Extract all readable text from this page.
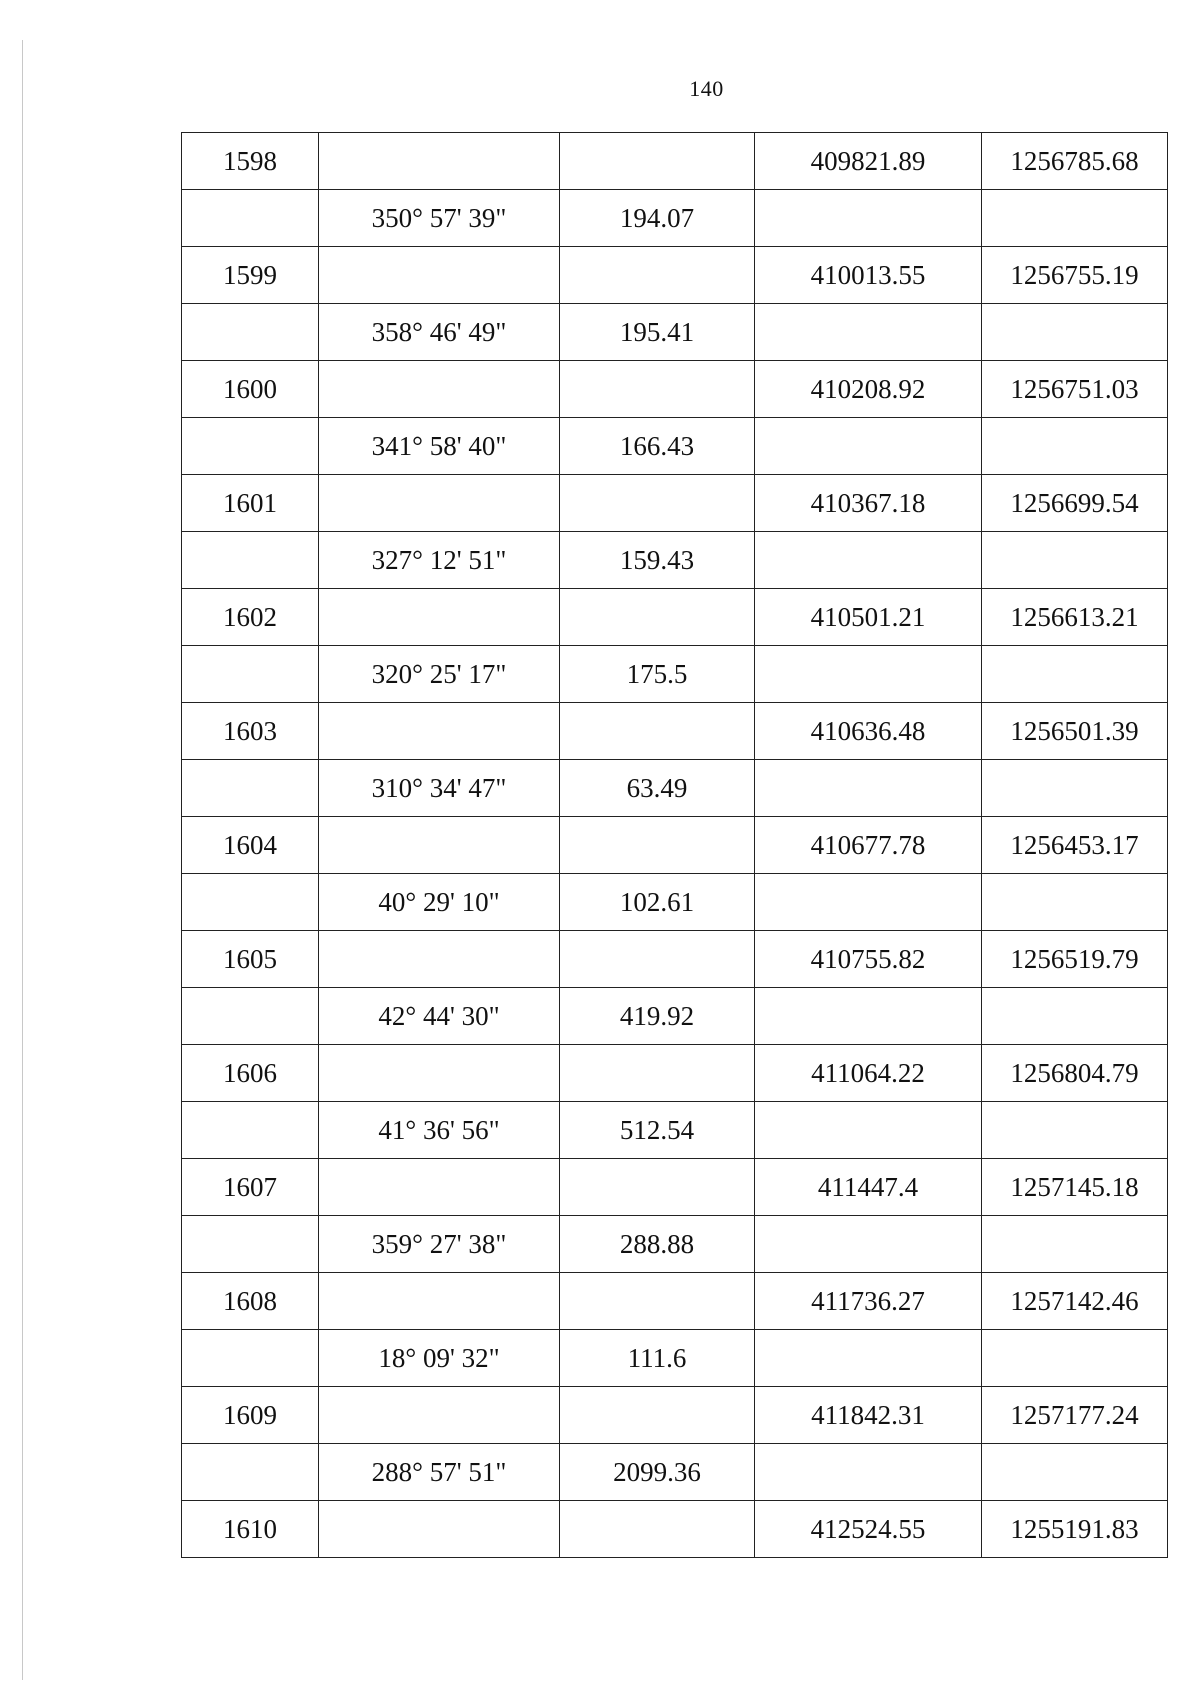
140
1598			409821.89	1256785.68
	350° 57' 39"	194.07		
1599			410013.55	1256755.19
	358° 46' 49"	195.41		
1600			410208.92	1256751.03
	341° 58' 40"	166.43		
1601			410367.18	1256699.54
	327° 12' 51"	159.43		
1602			410501.21	1256613.21
	320° 25' 17"	175.5		
1603			410636.48	1256501.39
	310° 34' 47"	63.49		
1604			410677.78	1256453.17
	40° 29' 10"	102.61		
1605			410755.82	1256519.79
	42° 44' 30"	419.92		
1606			411064.22	1256804.79
	41° 36' 56"	512.54		
1607			411447.4	1257145.18
	359° 27' 38"	288.88		
1608			411736.27	1257142.46
	18° 09' 32"	111.6		
1609			411842.31	1257177.24
	288° 57' 51"	2099.36		
1610			412524.55	1255191.83
